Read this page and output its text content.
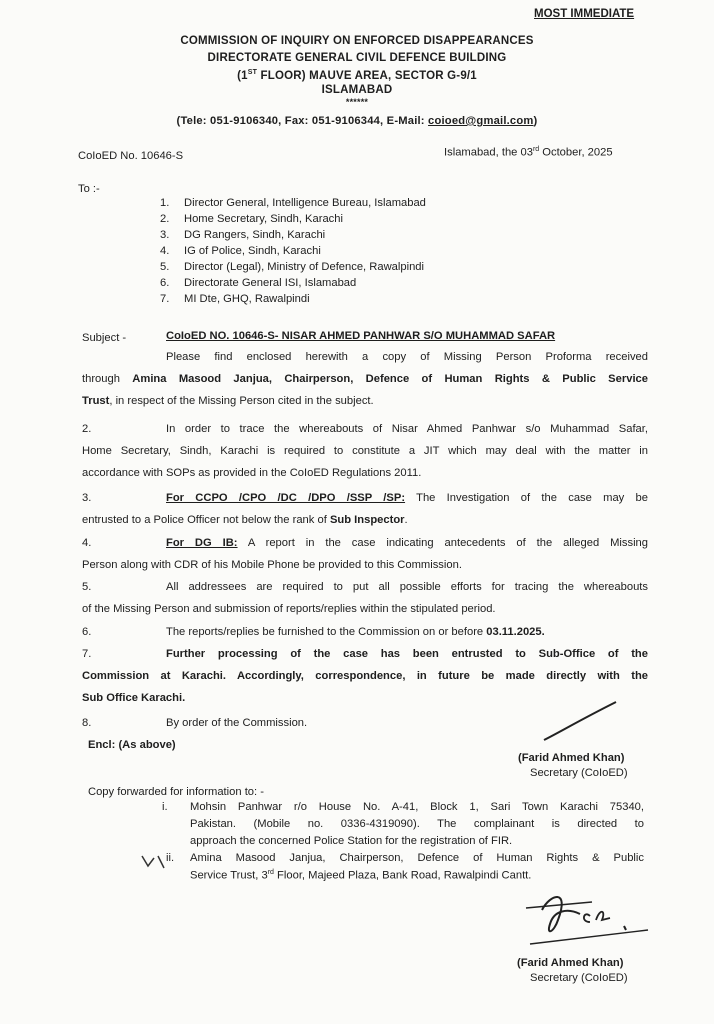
MOST IMMEDIATE
COMMISSION OF INQUIRY ON ENFORCED DISAPPEARANCES
DIRECTORATE GENERAL CIVIL DEFENCE BUILDING
(1ST FLOOR) MAUVE AREA, SECTOR G-9/1
ISLAMABAD
******
(Tele: 051-9106340, Fax: 051-9106344, E-Mail: coioed@gmail.com)
CoIoED No. 10646-S	Islamabad, the 03rd October, 2025
To :-
1. Director General, Intelligence Bureau, Islamabad
2. Home Secretary, Sindh, Karachi
3. DG Rangers, Sindh, Karachi
4. IG of Police, Sindh, Karachi
5. Director (Legal), Ministry of Defence, Rawalpindi
6. Directorate General ISI, Islamabad
7. MI Dte, GHQ, Rawalpindi
Subject -	CoIoED NO. 10646-S- NISAR AHMED PANHWAR S/O MUHAMMAD SAFAR
Please find enclosed herewith a copy of Missing Person Proforma received
through Amina Masood Janjua, Chairperson, Defence of Human Rights & Public Service
Trust, in respect of the Missing Person cited in the subject.
2.	In order to trace the whereabouts of Nisar Ahmed Panhwar s/o Muhammad Safar,
Home Secretary, Sindh, Karachi is required to constitute a JIT which may deal with the matter in
accordance with SOPs as provided in the CoIoED Regulations 2011.
3.	For CCPO /CPO /DC /DPO /SSP /SP: The Investigation of the case may be
entrusted to a Police Officer not below the rank of Sub Inspector.
4.	For DG IB: A report in the case indicating antecedents of the alleged Missing
Person along with CDR of his Mobile Phone be provided to this Commission.
5.	All addressees are required to put all possible efforts for tracing the whereabouts
of the Missing Person and submission of reports/replies within the stipulated period.
6.	The reports/replies be furnished to the Commission on or before 03.11.2025.
7.	Further processing of the case has been entrusted to Sub-Office of the
Commission at Karachi. Accordingly, correspondence, in future be made directly with the
Sub Office Karachi.
8.	By order of the Commission.
Encl: (As above)
(Farid Ahmed Khan)
Secretary (CoIoED)
Copy forwarded for information to: -
i. Mohsin Panhwar r/o House No. A-41, Block 1, Sari Town Karachi 75340,
Pakistan. (Mobile no. 0336-4319090). The complainant is directed to
approach the concerned Police Station for the registration of FIR.
ii. Amina Masood Janjua, Chairperson, Defence of Human Rights & Public
Service Trust, 3rd Floor, Majeed Plaza, Bank Road, Rawalpindi Cantt.
(Farid Ahmed Khan)
Secretary (CoIoED)
